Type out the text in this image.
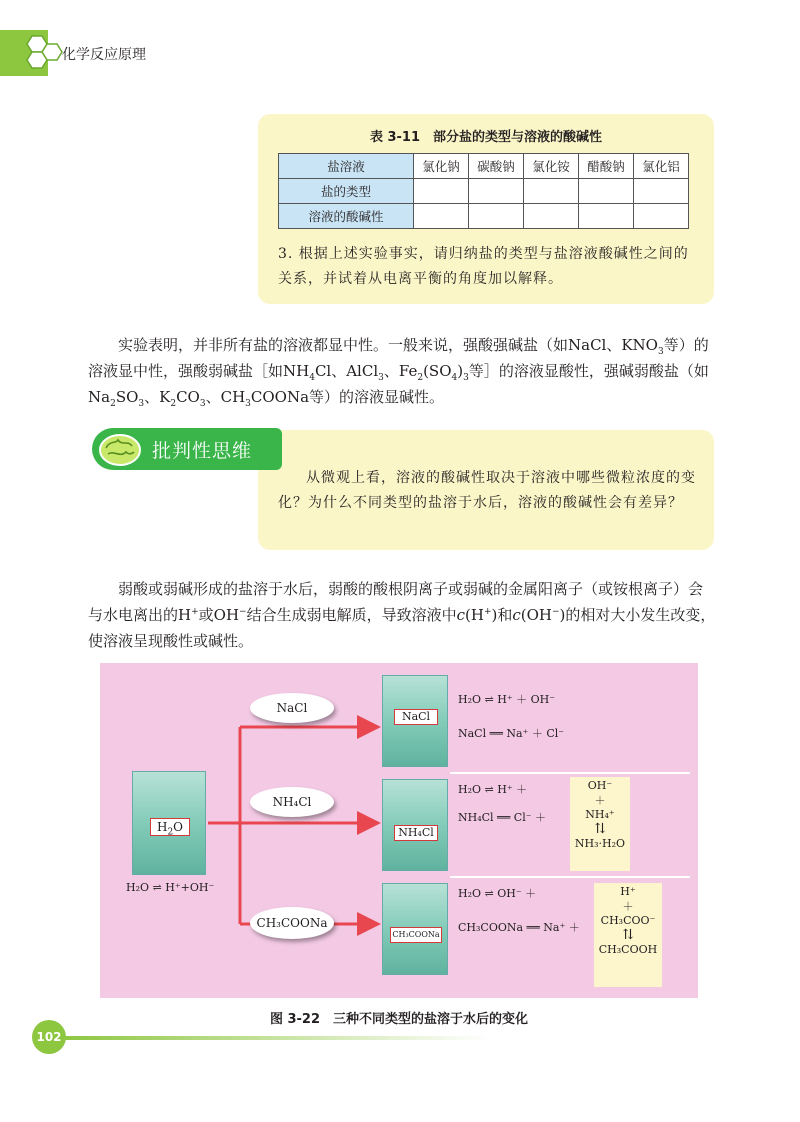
化学反应原理
表 3-11　部分盐的类型与溶液的酸碱性
盐溶液	氯化钠	碳酸钠	氯化铵	醋酸钠	氯化铝
盐的类型					
溶液的酸碱性					
3. 根据上述实验事实，请归纳盐的类型与盐溶液酸碱性之间的关系，并试着从电离平衡的角度加以解释。
实验表明，并非所有盐的溶液都显中性。一般来说，强酸强碱盐（如NaCl、$KNO_3$等）的溶液显中性，强酸弱碱盐［如$NH_4Cl$、AlCl$_3$、$Fe_2(SO_4)_3$等］的溶液显酸性，强碱弱酸盐（如$Na_2SO_3$、$K_2CO_3$、$CH_3COONa$等）的溶液显碱性。
批判性思维
从微观上看，溶液的酸碱性取决于溶液中哪些微粒浓度的变化？为什么不同类型的盐溶于水后，溶液的酸碱性会有差异？
弱酸或弱碱形成的盐溶于水后，弱酸的酸根阴离子或弱碱的金属阳离子（或铵根离子）会与水电离出的H+或OH−结合生成弱电解质，导致溶液中c(H+)和c(OH−)的相对大小发生改变，使溶液呈现酸性或碱性。
$H_2O$
H₂O ⇌ H⁺+OH⁻
NaCl
NH₄Cl
CH₃COONa
NaCl
NH₄Cl
CH₃COONa
H₂O ⇌ H⁺ ＋ OH⁻
NaCl ══ Na⁺ ＋ Cl⁻
H₂O ⇌ H⁺ ＋
NH₄Cl ══ Cl⁻ ＋
OH⁻
＋
NH₄⁺
⇅
NH₃·H₂O
H₂O ⇌ OH⁻ ＋
CH₃COONa ══ Na⁺ ＋
H⁺
＋
CH₃COO⁻
⇅
CH₃COOH
图 3-22　三种不同类型的盐溶于水后的变化
102
